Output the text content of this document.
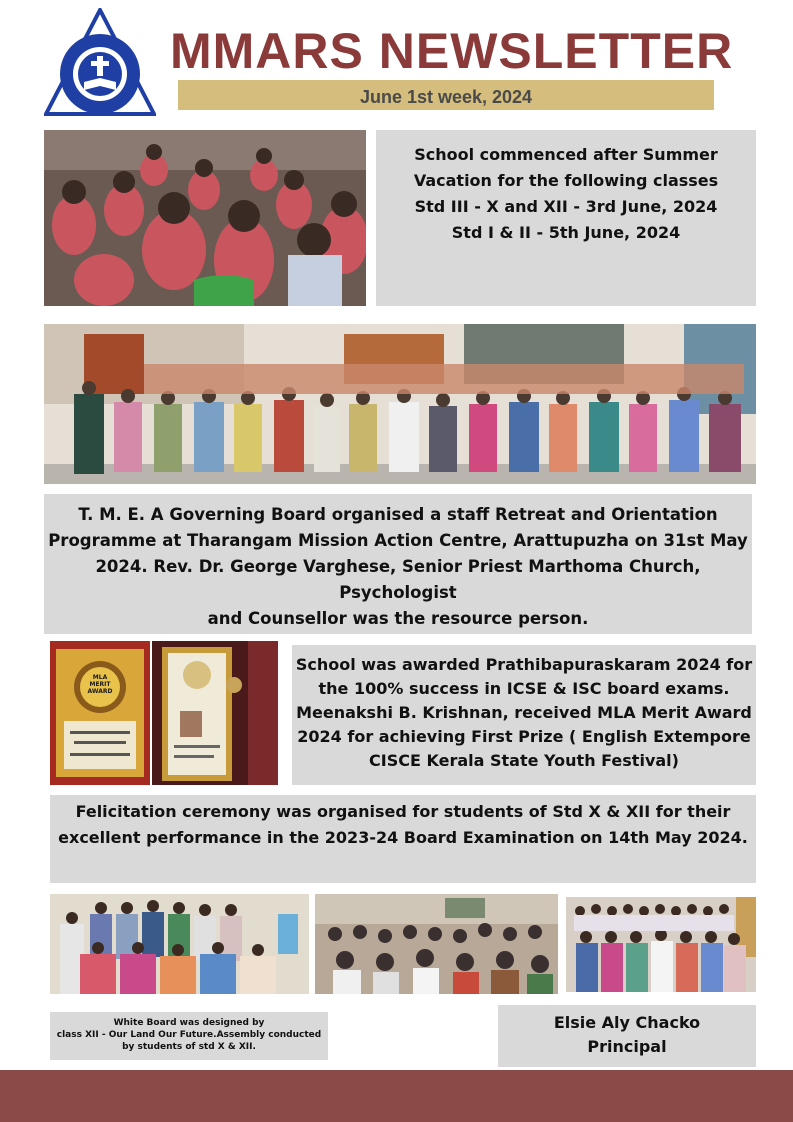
MMARS NEWSLETTER
June 1st week, 2024
School commenced after Summer
Vacation for the following classes
Std III - X and XII - 3rd June, 2024
Std I & II - 5th June, 2024
T. M. E. A Governing Board organised a staff Retreat and Orientation
Programme at Tharangam Mission Action Centre, Arattupuzha on 31st May
2024. Rev. Dr. George Varghese, Senior Priest Marthoma Church, Psychologist
and Counsellor was the resource person.
MLA
MERIT
AWARD
School was awarded Prathibapuraskaram 2024 for
the 100% success in ICSE & ISC board exams.
Meenakshi B. Krishnan, received MLA Merit Award
2024 for achieving First Prize ( English Extempore
CISCE Kerala State Youth Festival)
Felicitation ceremony was organised for students of Std X & XII for their
excellent performance in the 2023-24 Board Examination on 14th May 2024.
White Board was designed by
class XII - Our Land Our Future.Assembly conducted
by students of std X & XII.
Elsie Aly Chacko
Principal
